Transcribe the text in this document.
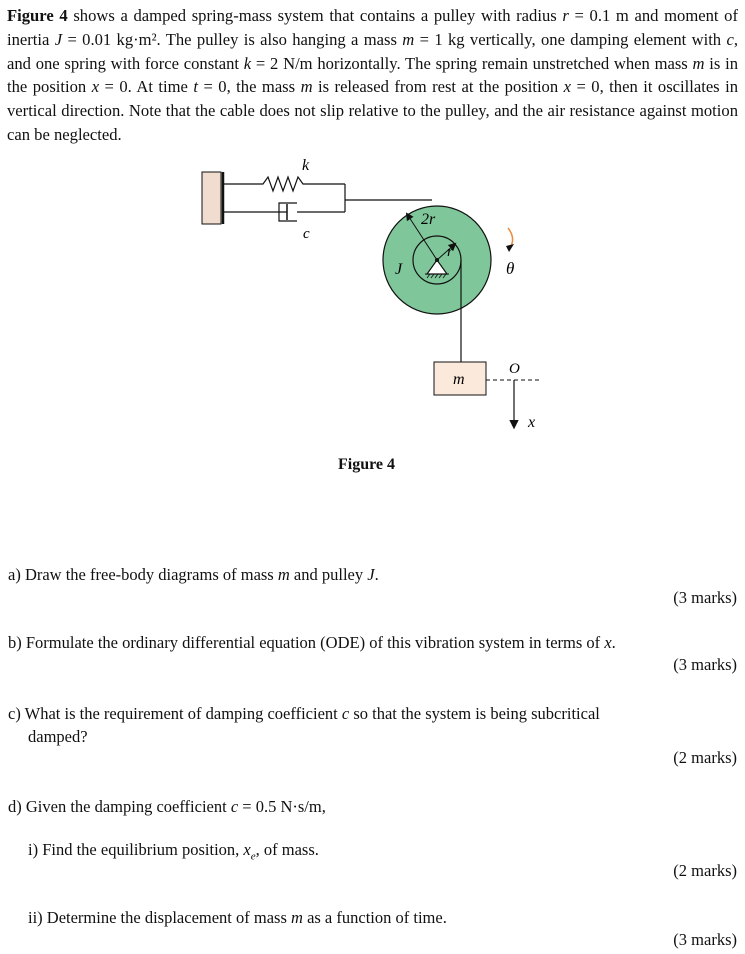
Figure 4 shows a damped spring-mass system that contains a pulley with radius r = 0.1 m and moment of inertia J = 0.01 kg·m². The pulley is also hanging a mass m = 1 kg vertically, one damping element with c, and one spring with force constant k = 2 N/m horizontally. The spring remain unstretched when mass m is in the position x = 0. At time t = 0, the mass m is released from rest at the position x = 0, then it oscillates in vertical direction. Note that the cable does not slip relative to the pulley, and the air resistance against motion can be neglected.
k
c
2r
r
J	θ
m
O
x
Figure 4
a) Draw the free-body diagrams of mass m and pulley J.
(3 marks)
b) Formulate the ordinary differential equation (ODE) of this vibration system in terms of x.
(3 marks)
c) What is the requirement of damping coefficient c so that the system is being subcritical
damped?
(2 marks)
d) Given the damping coefficient c = 0.5 N·s/m,
i) Find the equilibrium position, $x_e$, of mass.
(2 marks)
ii) Determine the displacement of mass m as a function of time.
(3 marks)
